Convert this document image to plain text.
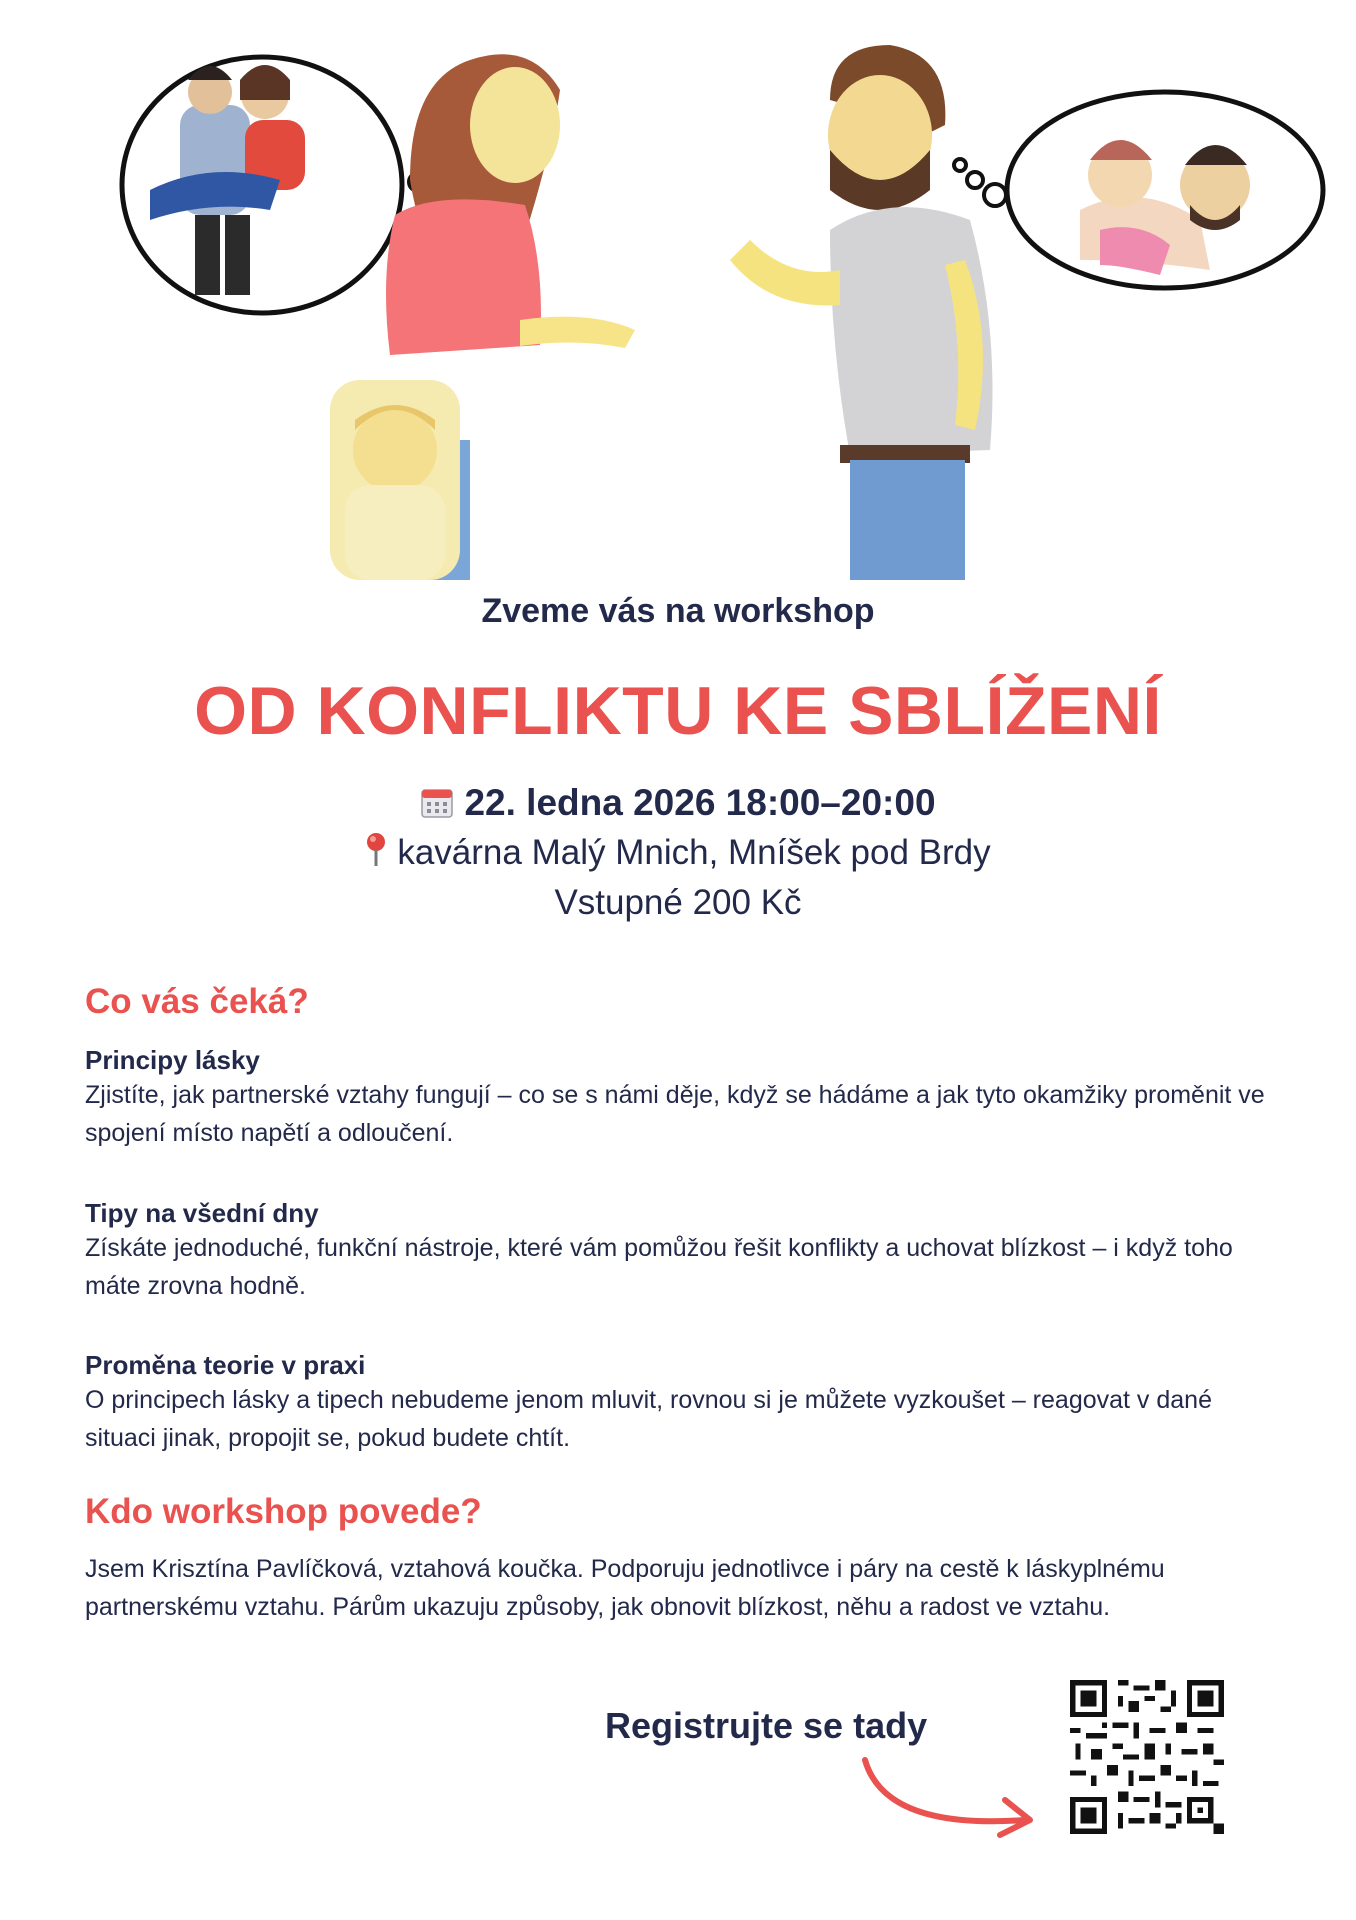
Zveme vás na workshop
OD KONFLIKTU KE SBLÍŽENÍ
22. ledna 2026 18:00–20:00
kavárna Malý Mnich, Mníšek pod Brdy
Vstupné 200 Kč

Co vás čeká?

Principy lásky

Zjistíte, jak partnerské vztahy fungují – co se s námi děje, když se hádáme a jak tyto okamžiky proměnit ve spojení místo napětí a odloučení.

Tipy na všední dny

Získáte jednoduché, funkční nástroje, které vám pomůžou řešit konflikty a uchovat blízkost – i když toho máte zrovna hodně.

Proměna teorie v praxi

O principech lásky a tipech nebudeme jenom mluvit, rovnou si je můžete vyzkoušet – reagovat v dané situaci jinak, propojit se, pokud budete chtít.

Kdo workshop povede?

Jsem Krisztína Pavlíčková, vztahová koučka. Podporuju jednotlivce i páry na cestě k láskyplnému partnerskému vztahu. Párům ukazuju způsoby, jak obnovit blízkost, něhu a radost ve vztahu.

Registrujte se tady
